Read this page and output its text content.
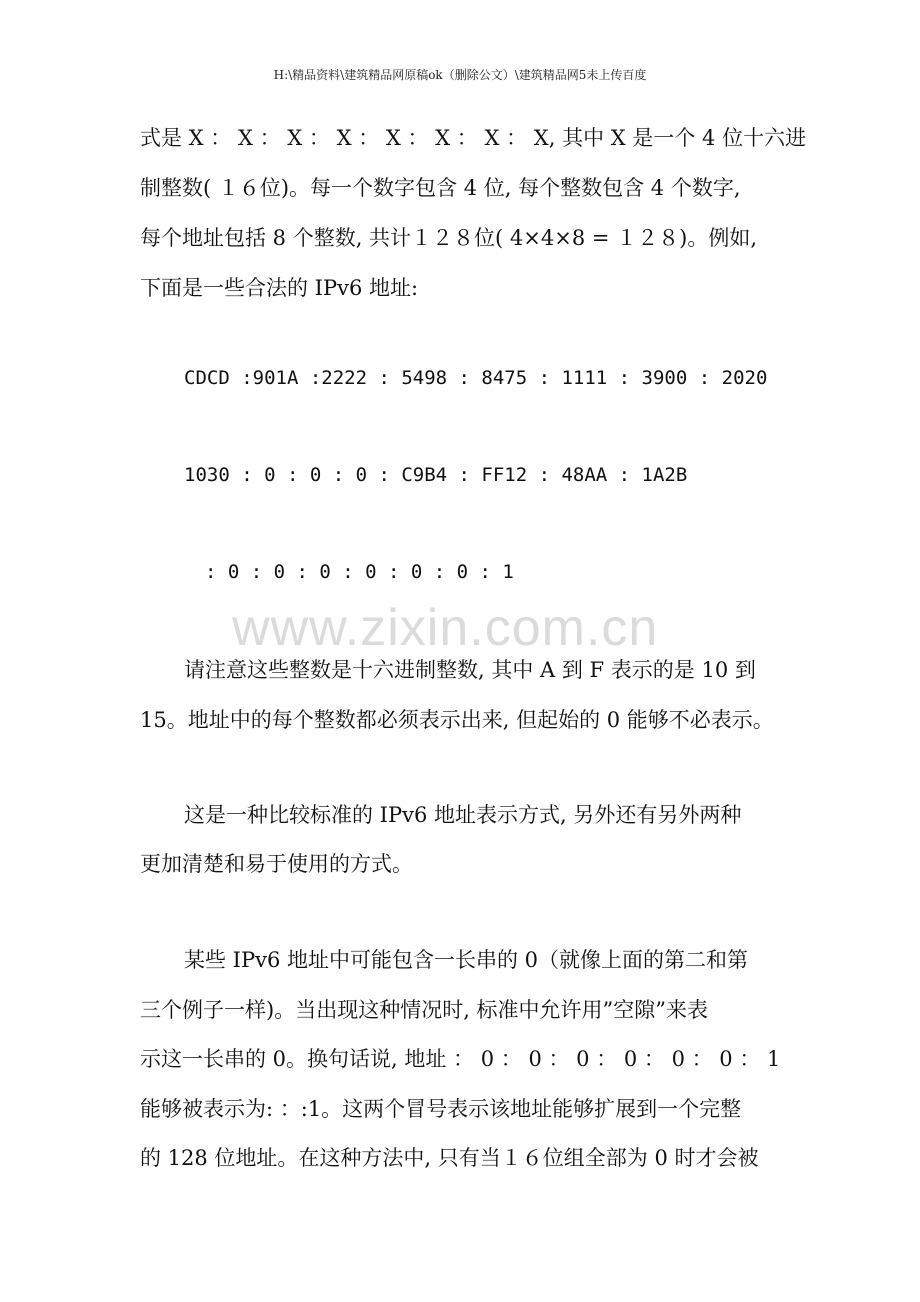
H:\精品资料\建筑精品网原稿ok（删除公文）\建筑精品网5未上传百度
式是 X ： X ： X ： X ： X ： X ： X ： X, 其中 X 是一个 4 位十六进
制整数( １６位)。每一个数字包含 4 位, 每个整数包含 4 个数字,
每个地址包括 8 个整数, 共计１２８位( 4×4×8 = １２８)。例如,
下面是一些合法的 IPv6 地址:
CDCD :901A :2222 : 5498 : 8475 : 1111 : 3900 : 2020
1030 : 0 : 0 : 0 : C9B4 : FF12 : 48AA : 1A2B
: 0 : 0 : 0 : 0 : 0 : 0 : 1
www.zixin.com.cn
请注意这些整数是十六进制整数, 其中 A 到 F 表示的是 10 到
15。地址中的每个整数都必须表示出来, 但起始的 0 能够不必表示。
这是一种比较标准的 IPv6 地址表示方式, 另外还有另外两种
更加清楚和易于使用的方式。
某些 IPv6 地址中可能包含一长串的 0（就像上面的第二和第
三个例子一样)。当出现这种情况时, 标准中允许用”空隙”来表
示这一长串的 0。换句话说, 地址 ： 0 ： 0 ： 0 ： 0 ： 0 ： 0 ： 1
能够被表示为: ：:1。这两个冒号表示该地址能够扩展到一个完整
的 128 位地址。在这种方法中, 只有当１６位组全部为 0 时才会被
